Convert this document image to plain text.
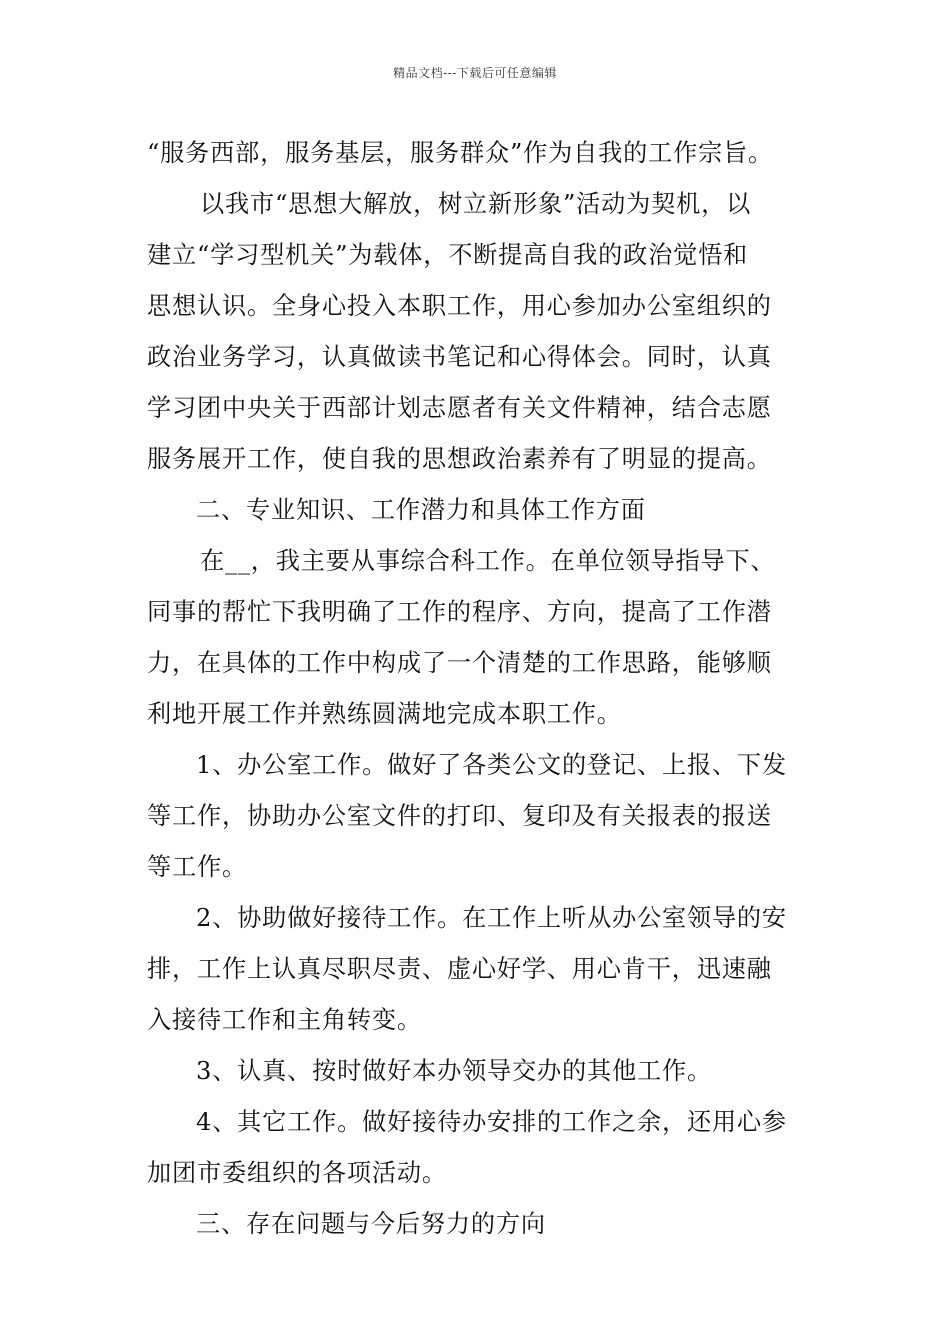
精品文档---下载后可任意编辑
“服务西部，服务基层，服务群众”作为自我的工作宗旨。
以我市“思想大解放，树立新形象”活动为契机，以
建立“学习型机关”为载体，不断提高自我的政治觉悟和
思想认识。全身心投入本职工作，用心参加办公室组织的
政治业务学习，认真做读书笔记和心得体会。同时，认真
学习团中央关于西部计划志愿者有关文件精神，结合志愿
服务展开工作，使自我的思想政治素养有了明显的提高。
二、专业知识、工作潜力和具体工作方面
在__，我主要从事综合科工作。在单位领导指导下、
同事的帮忙下我明确了工作的程序、方向，提高了工作潜
力，在具体的工作中构成了一个清楚的工作思路，能够顺
利地开展工作并熟练圆满地完成本职工作。
1、办公室工作。做好了各类公文的登记、上报、下发
等工作，协助办公室文件的打印、复印及有关报表的报送
等工作。
2、协助做好接待工作。在工作上听从办公室领导的安
排，工作上认真尽职尽责、虚心好学、用心肯干，迅速融
入接待工作和主角转变。
3、认真、按时做好本办领导交办的其他工作。
4、其它工作。做好接待办安排的工作之余，还用心参
加团市委组织的各项活动。
三、存在问题与今后努力的方向
